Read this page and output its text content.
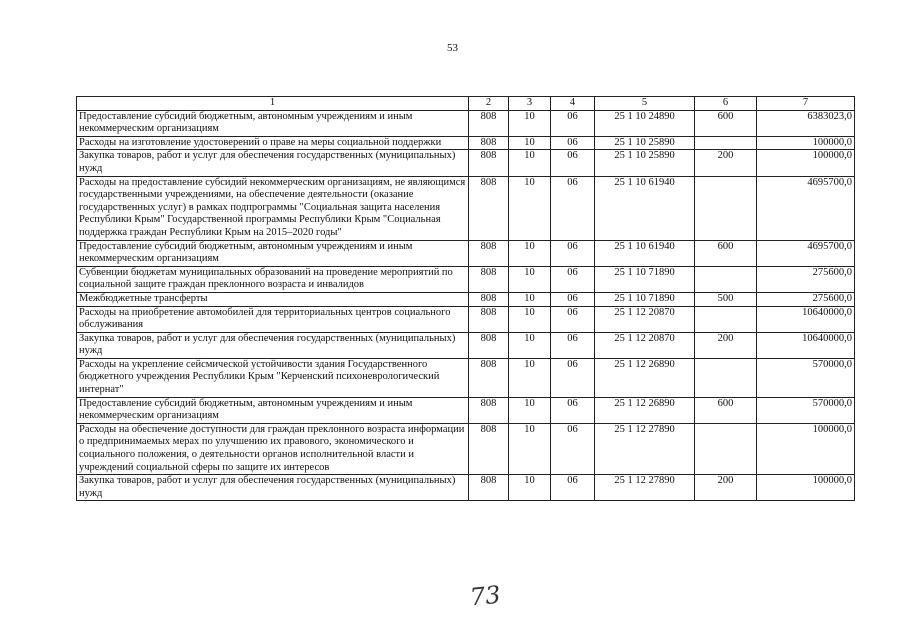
53
1	2	3	4	5	6	7
Предоставление субсидий бюджетным, автономным учреждениям и иным некоммерческим организациям	808	10	06	25 1 10 24890	600	6383023,0
Расходы на изготовление удостоверений о праве на меры социальной поддержки	808	10	06	25 1 10 25890		100000,0
Закупка товаров, работ и услуг для обеспечения государственных (муниципальных) нужд	808	10	06	25 1 10 25890	200	100000,0
Расходы на предоставление субсидий некоммерческим организациям, не являющимся государственными учреждениями, на обеспечение деятельности (оказание государственных услуг) в рамках подпрограммы "Социальная защита населения Республики Крым" Государственной программы Республики Крым "Социальная поддержка граждан Республики Крым на 2015–2020 годы"	808	10	06	25 1 10 61940		4695700,0
Предоставление субсидий бюджетным, автономным учреждениям и иным некоммерческим организациям	808	10	06	25 1 10 61940	600	4695700,0
Субвенции бюджетам муниципальных образований на проведение мероприятий по социальной защите граждан преклонного возраста и инвалидов	808	10	06	25 1 10 71890		275600,0
Межбюджетные трансферты	808	10	06	25 1 10 71890	500	275600,0
Расходы на приобретение автомобилей для территориальных центров социального обслуживания	808	10	06	25 1 12 20870		10640000,0
Закупка товаров, работ и услуг для обеспечения государственных (муниципальных) нужд	808	10	06	25 1 12 20870	200	10640000,0
Расходы на укрепление сейсмической устойчивости здания Государственного бюджетного учреждения Республики Крым "Керченский психоневрологический интернат"	808	10	06	25 1 12 26890		570000,0
Предоставление субсидий бюджетным, автономным учреждениям и иным некоммерческим организациям	808	10	06	25 1 12 26890	600	570000,0
Расходы на обеспечение доступности для граждан преклонного возраста информации о предпринимаемых мерах по улучшению их правового, экономического и социального положения, о деятельности органов исполнительной власти и учреждений социальной сферы по защите их интересов	808	10	06	25 1 12 27890		100000,0
Закупка товаров, работ и услуг для обеспечения государственных (муниципальных) нужд	808	10	06	25 1 12 27890	200	100000,0
73
